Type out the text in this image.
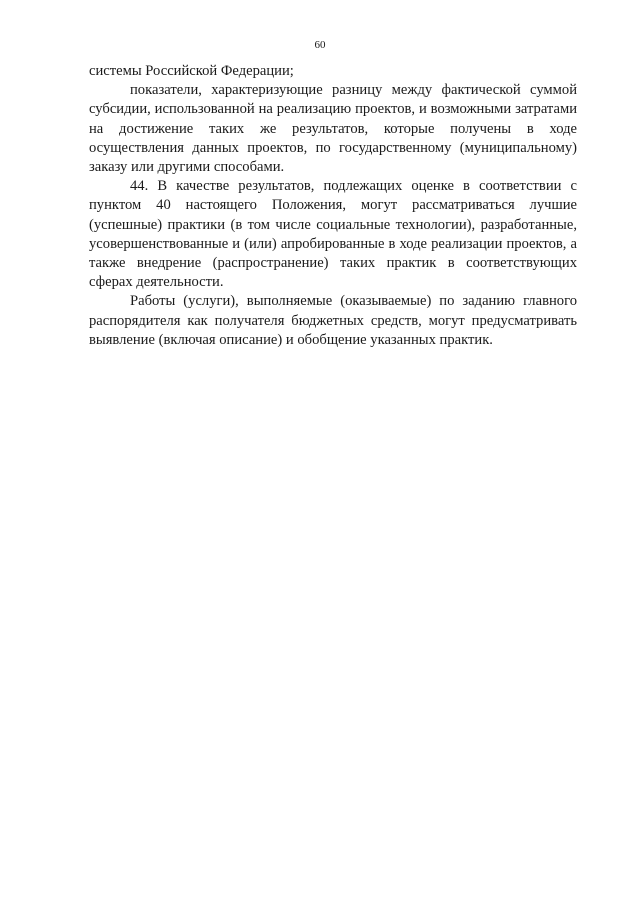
60

системы Российской Федерации;

показатели, характеризующие разницу между фактической суммой субсидии, использованной на реализацию проектов, и возможными затратами на достижение таких же результатов, которые получены в ходе осуществления данных проектов, по государственному (муниципальному) заказу или другими способами.

44. В качестве результатов, подлежащих оценке в соответствии с пунктом 40 настоящего Положения, могут рассматриваться лучшие (успешные) практики (в том числе социальные технологии), разработанные, усовершенствованные и (или) апробированные в ходе реализации проектов, а также внедрение (распространение) таких практик в соответствующих сферах деятельности.

Работы (услуги), выполняемые (оказываемые) по заданию главного распорядителя как получателя бюджетных средств, могут предусматривать выявление (включая описание) и обобщение указанных практик.
